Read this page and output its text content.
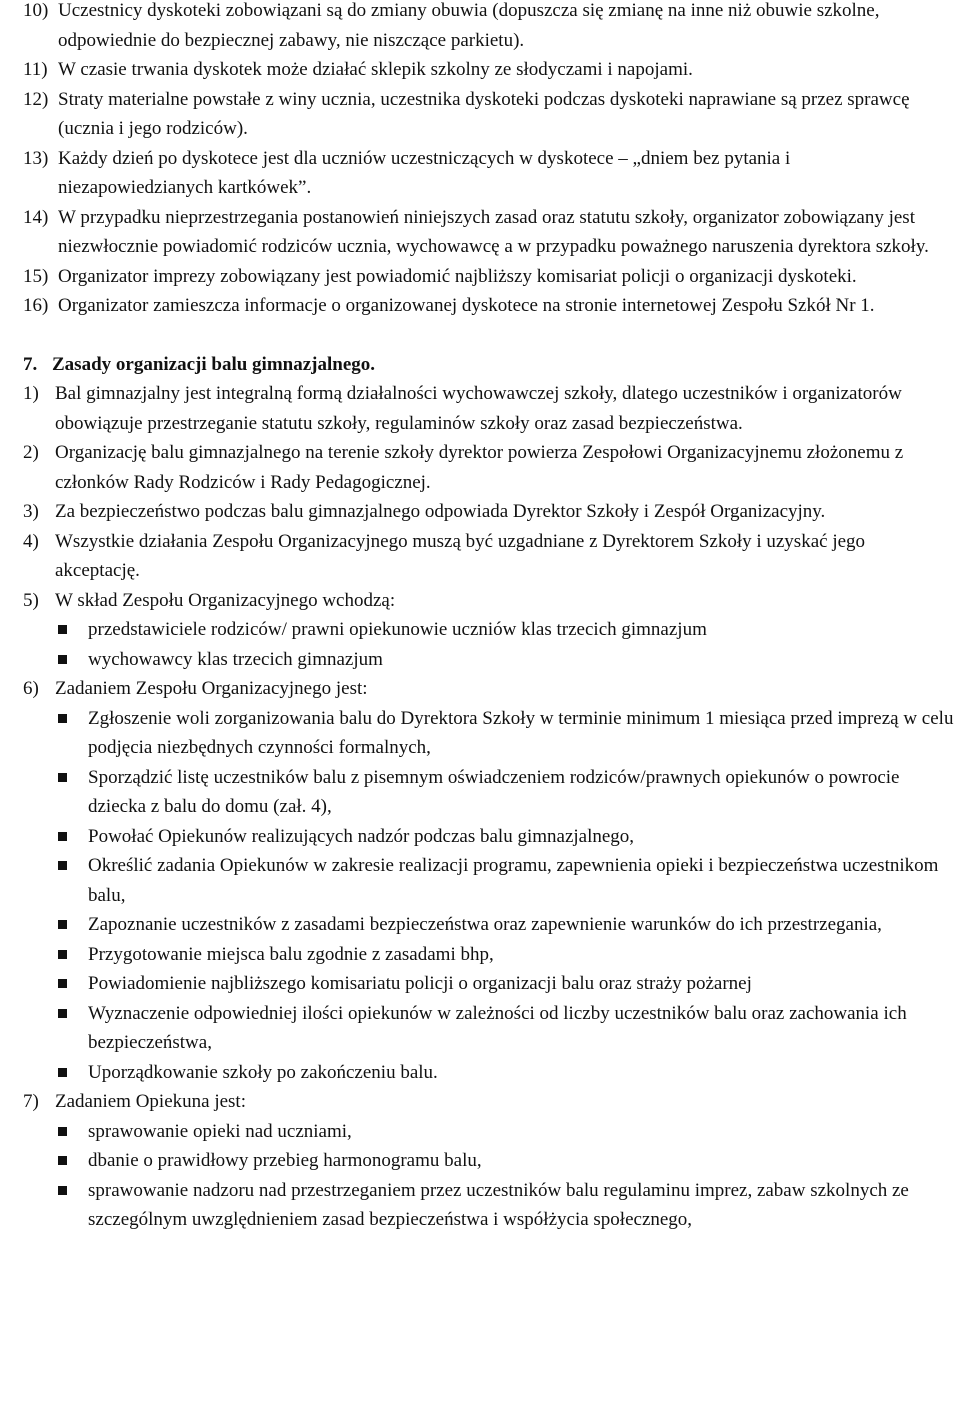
10) Uczestnicy dyskoteki zobowiązani są do zmiany obuwia (dopuszcza się zmianę na inne niż obuwie szkolne, odpowiednie do bezpiecznej zabawy, nie niszczące parkietu).
11) W czasie trwania dyskotek może działać sklepik szkolny ze słodyczami i napojami.
12) Straty materialne powstałe z winy ucznia, uczestnika dyskoteki podczas dyskoteki naprawiane są przez sprawcę (ucznia i jego rodziców).
13) Każdy dzień po dyskotece jest dla uczniów uczestniczących w dyskotece – „dniem bez pytania i niezapowiedzianych kartkówek”.
14) W przypadku nieprzestrzegania postanowień niniejszych zasad oraz statutu szkoły, organizator zobowiązany jest niezwłocznie powiadomić rodziców ucznia, wychowawcę a w przypadku poważnego naruszenia dyrektora szkoły.
15) Organizator imprezy zobowiązany jest powiadomić najbliższy komisariat policji o organizacji dyskoteki.
16) Organizator zamieszcza informacje o organizowanej dyskotece na stronie internetowej Zespołu Szkół Nr 1.
7. Zasady organizacji balu gimnazjalnego.
1) Bal gimnazjalny jest integralną formą działalności wychowawczej szkoły, dlatego uczestników i organizatorów obowiązuje przestrzeganie statutu szkoły, regulaminów szkoły oraz zasad bezpieczeństwa.
2) Organizację balu gimnazjalnego na terenie szkoły dyrektor powierza Zespołowi Organizacyjnemu złożonemu z członków Rady Rodziców i Rady Pedagogicznej.
3) Za bezpieczeństwo podczas balu gimnazjalnego odpowiada Dyrektor Szkoły i Zespół Organizacyjny.
4) Wszystkie działania Zespołu Organizacyjnego muszą być uzgadniane z Dyrektorem Szkoły i uzyskać jego akceptację.
5) W skład Zespołu Organizacyjnego wchodzą:
przedstawiciele rodziców/ prawni opiekunowie uczniów klas trzecich gimnazjum
wychowawcy klas trzecich gimnazjum
6) Zadaniem Zespołu Organizacyjnego jest:
Zgłoszenie woli zorganizowania balu do Dyrektora Szkoły w terminie minimum 1 miesiąca przed imprezą w celu podjęcia niezbędnych czynności formalnych,
Sporządzić listę uczestników balu z pisemnym oświadczeniem rodziców/prawnych opiekunów o powrocie dziecka z balu do domu (zał. 4),
Powołać Opiekunów realizujących nadzór podczas balu gimnazjalnego,
Określić zadania Opiekunów w zakresie realizacji programu, zapewnienia opieki i bezpieczeństwa uczestnikom balu,
Zapoznanie uczestników z zasadami bezpieczeństwa oraz zapewnienie warunków do ich przestrzegania,
Przygotowanie miejsca balu zgodnie z zasadami bhp,
Powiadomienie najbliższego komisariatu policji o organizacji balu oraz straży pożarnej
Wyznaczenie odpowiedniej ilości opiekunów w zależności od liczby uczestników balu oraz zachowania ich bezpieczeństwa,
Uporządkowanie szkoły po zakończeniu balu.
7) Zadaniem Opiekuna jest:
sprawowanie opieki nad uczniami,
dbanie o prawidłowy przebieg harmonogramu balu,
sprawowanie nadzoru nad przestrzeganiem przez uczestników balu regulaminu imprez, zabaw szkolnych ze szczególnym uwzględnieniem zasad bezpieczeństwa i współżycia społecznego,
